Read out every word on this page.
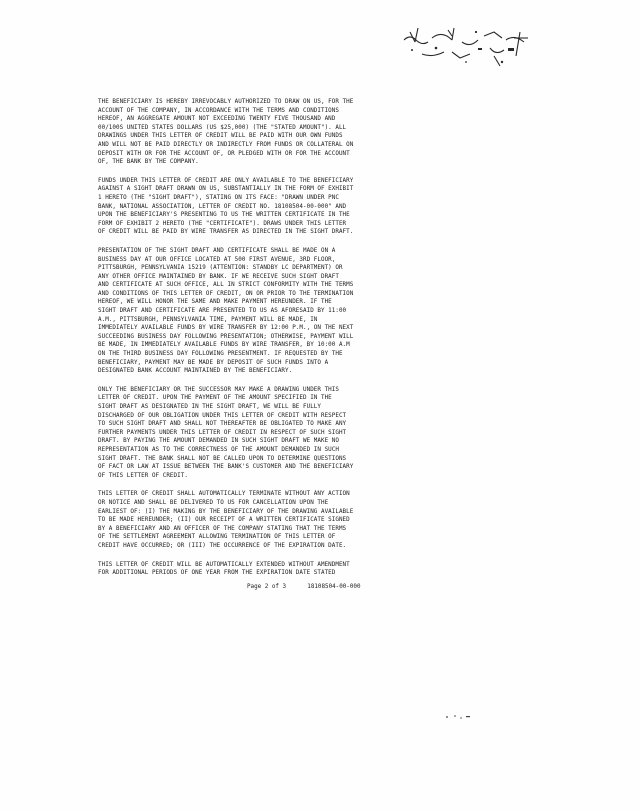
THE BENEFICIARY IS HEREBY IRREVOCABLY AUTHORIZED TO DRAW ON US, FOR THE
ACCOUNT OF THE COMPANY, IN ACCORDANCE WITH THE TERMS AND CONDITIONS
HEREOF, AN AGGREGATE AMOUNT NOT EXCEEDING TWENTY FIVE THOUSAND AND
00/100S UNITED STATES DOLLARS (US $25,000) (THE "STATED AMOUNT"). ALL
DRAWINGS UNDER THIS LETTER OF CREDIT WILL BE PAID WITH OUR OWN FUNDS
AND WILL NOT BE PAID DIRECTLY OR INDIRECTLY FROM FUNDS OR COLLATERAL ON
DEPOSIT WITH OR FOR THE ACCOUNT OF, OR PLEDGED WITH OR FOR THE ACCOUNT
OF, THE BANK BY THE COMPANY.

FUNDS UNDER THIS LETTER OF CREDIT ARE ONLY AVAILABLE TO THE BENEFICIARY
AGAINST A SIGHT DRAFT DRAWN ON US, SUBSTANTIALLY IN THE FORM OF EXHIBIT
1 HERETO (THE "SIGHT DRAFT"), STATING ON ITS FACE: "DRAWN UNDER PNC
BANK, NATIONAL ASSOCIATION, LETTER OF CREDIT NO. 18108504-00-000" AND
UPON THE BENEFICIARY'S PRESENTING TO US THE WRITTEN CERTIFICATE IN THE
FORM OF EXHIBIT 2 HERETO (THE "CERTIFICATE"). DRAWS UNDER THIS LETTER
OF CREDIT WILL BE PAID BY WIRE TRANSFER AS DIRECTED IN THE SIGHT DRAFT.

PRESENTATION OF THE SIGHT DRAFT AND CERTIFICATE SHALL BE MADE ON A
BUSINESS DAY AT OUR OFFICE LOCATED AT 500 FIRST AVENUE, 3RD FLOOR,
PITTSBURGH, PENNSYLVANIA 15219 (ATTENTION: STANDBY LC DEPARTMENT) OR
ANY OTHER OFFICE MAINTAINED BY BANK. IF WE RECEIVE SUCH SIGHT DRAFT
AND CERTIFICATE AT SUCH OFFICE, ALL IN STRICT CONFORMITY WITH THE TERMS
AND CONDITIONS OF THIS LETTER OF CREDIT, ON OR PRIOR TO THE TERMINATION
HEREOF, WE WILL HONOR THE SAME AND MAKE PAYMENT HEREUNDER. IF THE
SIGHT DRAFT AND CERTIFICATE ARE PRESENTED TO US AS AFORESAID BY 11:00
A.M., PITTSBURGH, PENNSYLVANIA TIME, PAYMENT WILL BE MADE, IN
IMMEDIATELY AVAILABLE FUNDS BY WIRE TRANSFER BY 12:00 P.M., ON THE NEXT
SUCCEEDING BUSINESS DAY FOLLOWING PRESENTATION; OTHERWISE, PAYMENT WILL
BE MADE, IN IMMEDIATELY AVAILABLE FUNDS BY WIRE TRANSFER, BY 10:00 A.M
ON THE THIRD BUSINESS DAY FOLLOWING PRESENTMENT. IF REQUESTED BY THE
BENEFICIARY, PAYMENT MAY BE MADE BY DEPOSIT OF SUCH FUNDS INTO A
DESIGNATED BANK ACCOUNT MAINTAINED BY THE BENEFICIARY.

ONLY THE BENEFICIARY OR THE SUCCESSOR MAY MAKE A DRAWING UNDER THIS
LETTER OF CREDIT. UPON THE PAYMENT OF THE AMOUNT SPECIFIED IN THE
SIGHT DRAFT AS DESIGNATED IN THE SIGHT DRAFT, WE WILL BE FULLY
DISCHARGED OF OUR OBLIGATION UNDER THIS LETTER OF CREDIT WITH RESPECT
TO SUCH SIGHT DRAFT AND SHALL NOT THEREAFTER BE OBLIGATED TO MAKE ANY
FURTHER PAYMENTS UNDER THIS LETTER OF CREDIT IN RESPECT OF SUCH SIGHT
DRAFT. BY PAYING THE AMOUNT DEMANDED IN SUCH SIGHT DRAFT WE MAKE NO
REPRESENTATION AS TO THE CORRECTNESS OF THE AMOUNT DEMANDED IN SUCH
SIGHT DRAFT. THE BANK SHALL NOT BE CALLED UPON TO DETERMINE QUESTIONS
OF FACT OR LAW AT ISSUE BETWEEN THE BANK'S CUSTOMER AND THE BENEFICIARY
OF THIS LETTER OF CREDIT.

THIS LETTER OF CREDIT SHALL AUTOMATICALLY TERMINATE WITHOUT ANY ACTION
OR NOTICE AND SHALL BE DELIVERED TO US FOR CANCELLATION UPON THE
EARLIEST OF: (I) THE MAKING BY THE BENEFICIARY OF THE DRAWING AVAILABLE
TO BE MADE HEREUNDER; (II) OUR RECEIPT OF A WRITTEN CERTIFICATE SIGNED
BY A BENEFICIARY AND AN OFFICER OF THE COMPANY STATING THAT THE TERMS
OF THE SETTLEMENT AGREEMENT ALLOWING TERMINATION OF THIS LETTER OF
CREDIT HAVE OCCURRED; OR (III) THE OCCURRENCE OF THE EXPIRATION DATE.

THIS LETTER OF CREDIT WILL BE AUTOMATICALLY EXTENDED WITHOUT AMENDMENT
FOR ADDITIONAL PERIODS OF ONE YEAR FROM THE EXPIRATION DATE STATED

Page 2 of 3	18108504-00-000
